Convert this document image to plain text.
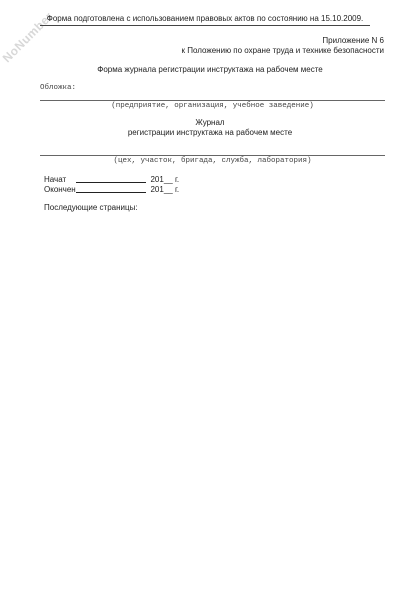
NoNumber
Форма подготовлена с использованием правовых актов по состоянию на 15.10.2009.
Приложение N 6
к Положению по охране труда и технике безопасности
Форма журнала регистрации инструктажа на рабочем месте
Обложка:
(предприятие, организация, учебное заведение)
Журнал
регистрации инструктажа на рабочем месте
(цех, участок, бригада, служба, лаборатория)
Начат	201__ г.
Окончен	201__ г.
Последующие страницы:
